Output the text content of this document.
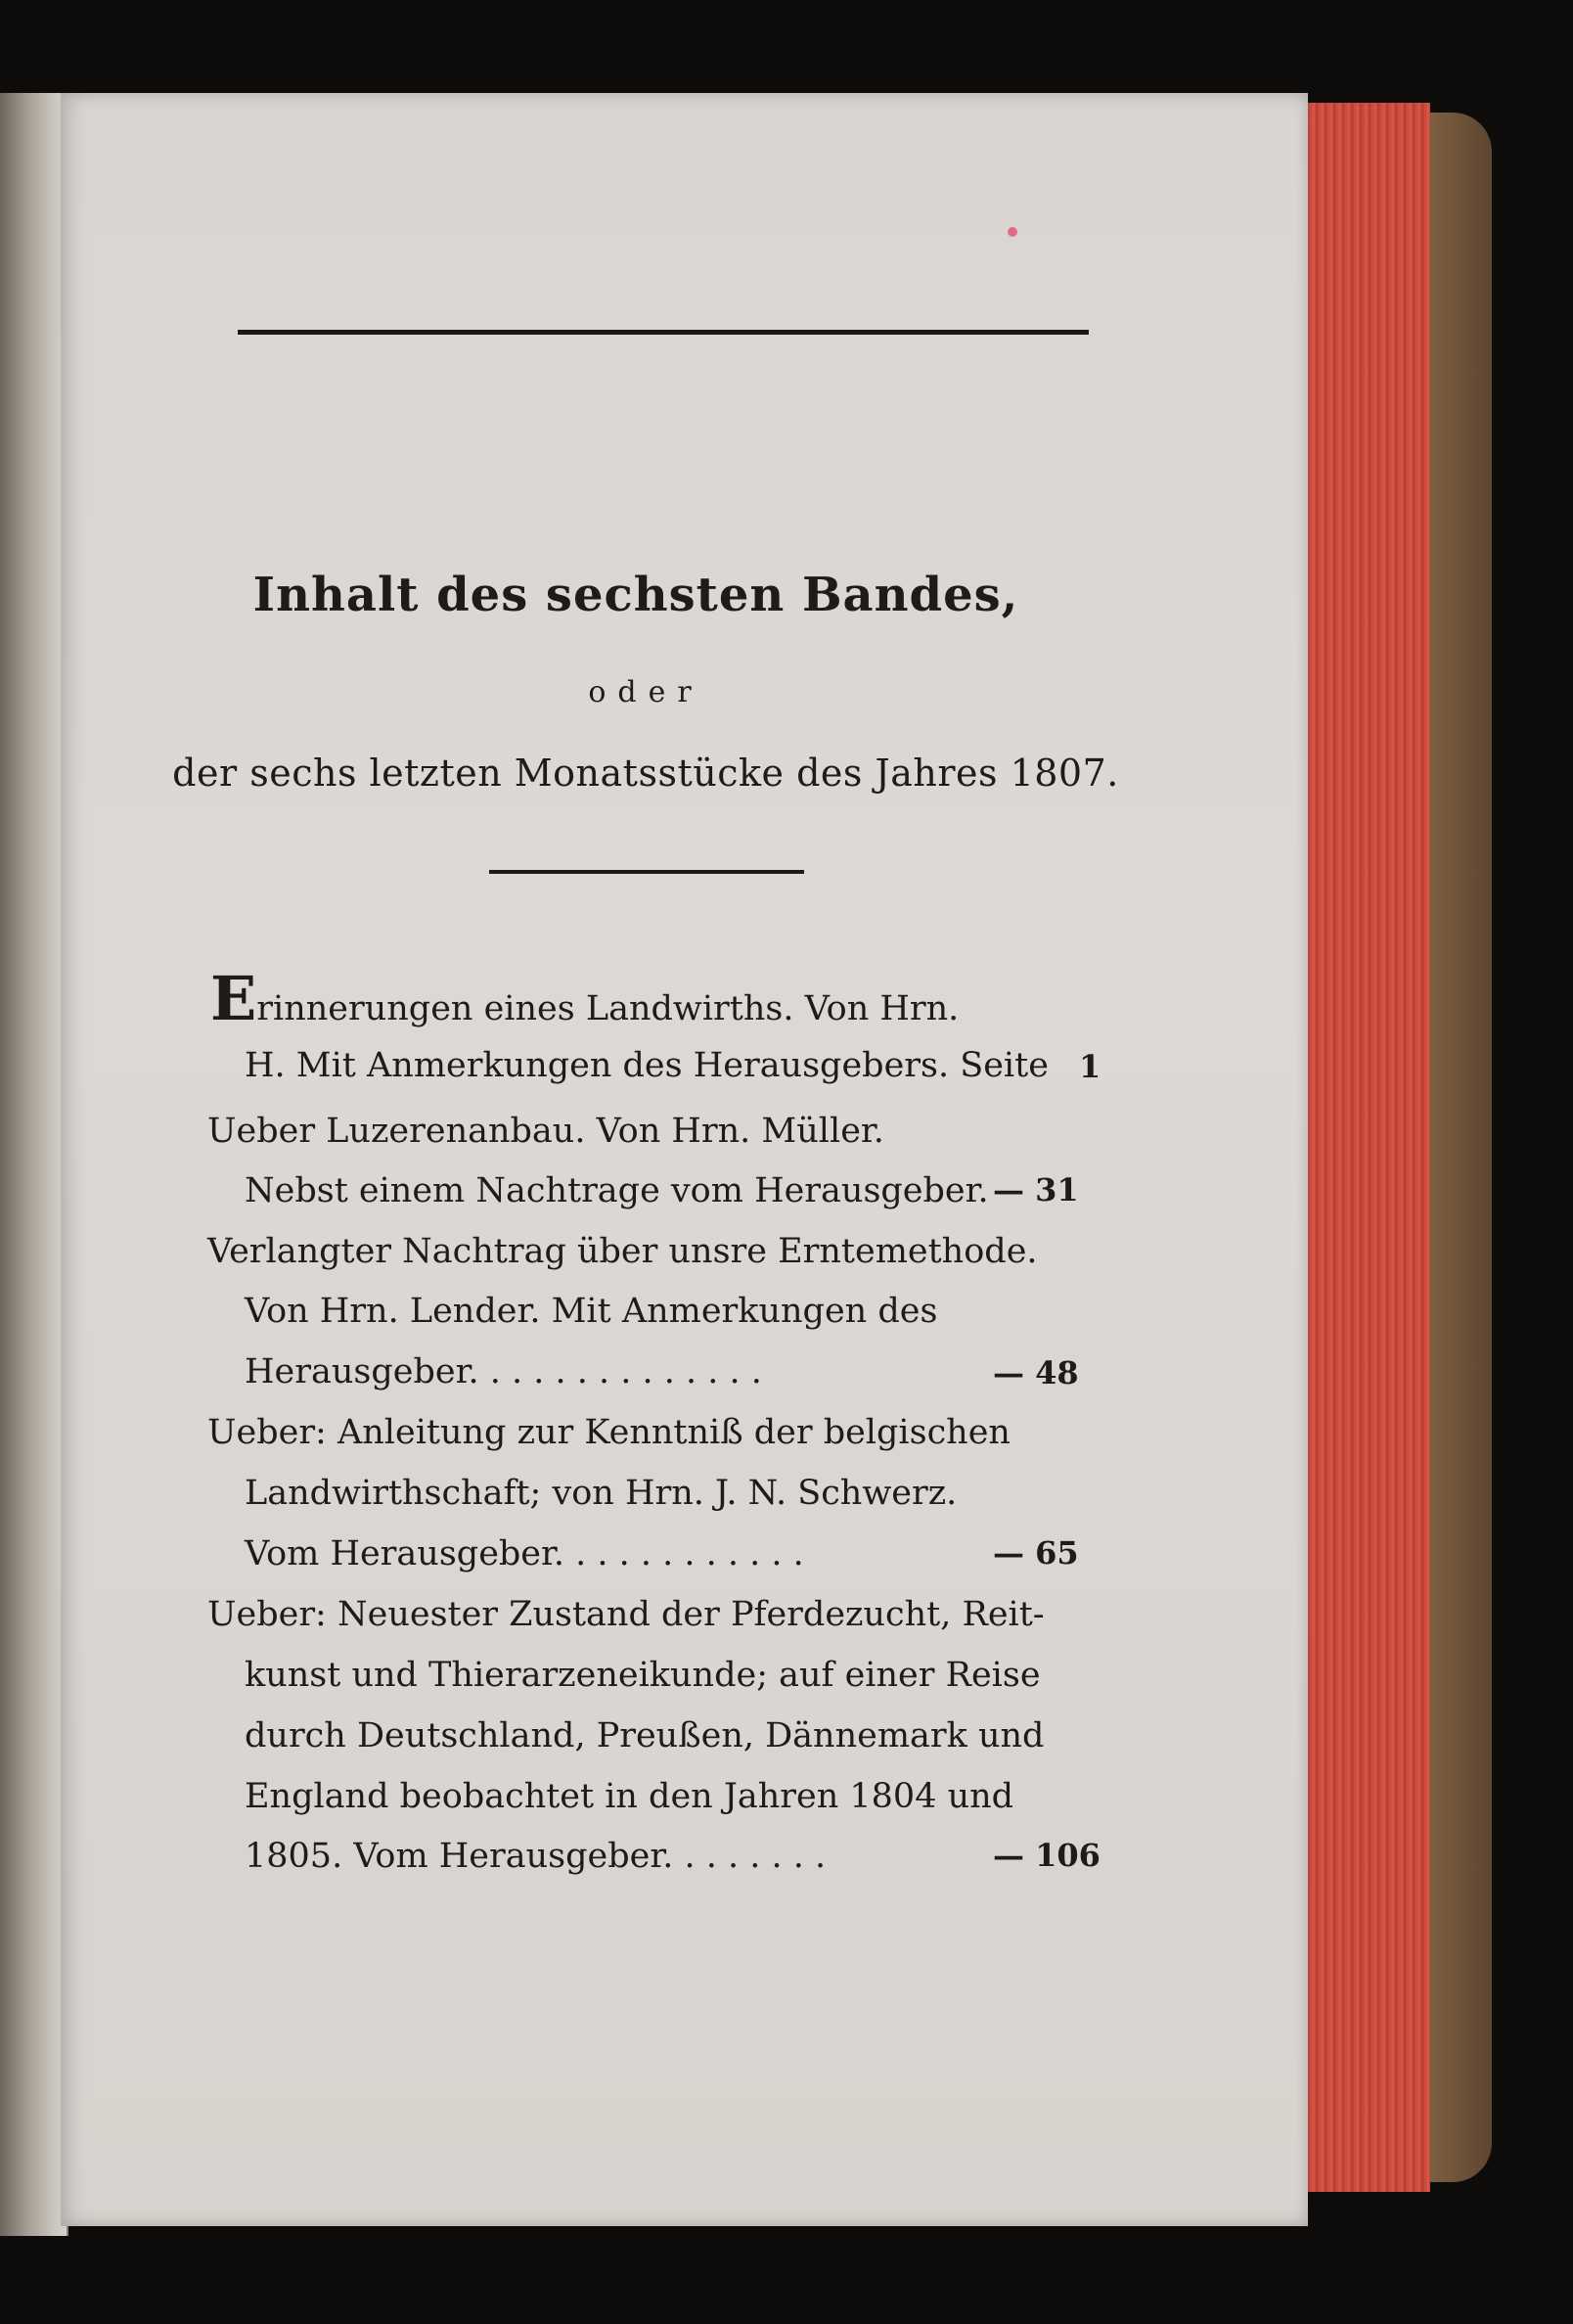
Inhalt des sechsten Bandes,
oder
der sechs letzten Monatsstücke des Jahres 1807.
Erinnerungen eines Landwirths. Von Hrn.
H. Mit Anmerkungen des Herausgebers. Seite 1
Ueber Luzerenanbau. Von Hrn. Müller.
Nebst einem Nachtrage vom Herausgeber. — 31
Verlangter Nachtrag über unsre Erntemethode.
Von Hrn. Lender. Mit Anmerkungen des
Herausgeber. . . . . . . . . . . . . .	— 48
Ueber: Anleitung zur Kenntniß der belgischen
Landwirthschaft; von Hrn. J. N. Schwerz.
Vom Herausgeber. . . . . . . . . . . .	— 65
Ueber: Neuester Zustand der Pferdezucht, Reit-
kunst und Thierarzeneikunde; auf einer Reise
durch Deutschland, Preußen, Dännemark und
England beobachtet in den Jahren 1804 und
1805. Vom Herausgeber. . . . . . . .	— 106
